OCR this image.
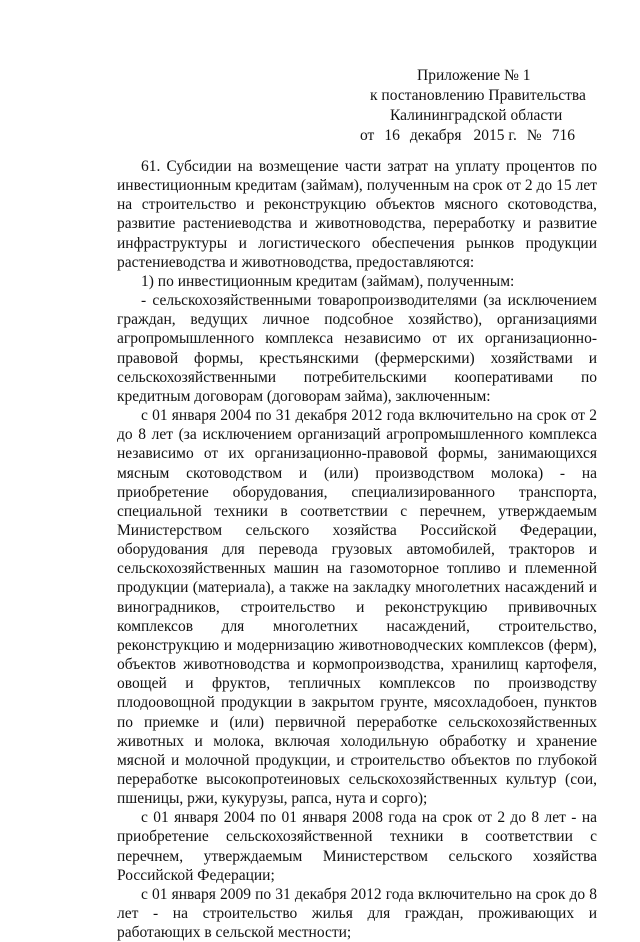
Приложение № 1
к постановлению Правительства
Калининградской области
от 16 декабря 2015 г. № 716

61. Субсидии на возмещение части затрат на уплату процентов по инвестиционным кредитам (займам), полученным на срок от 2 до 15 лет на строительство и реконструкцию объектов мясного скотоводства, развитие растениеводства и животноводства, переработку и развитие инфраструктуры и логистического обеспечения рынков продукции растениеводства и животноводства, предоставляются:

1) по инвестиционным кредитам (займам), полученным:

- сельскохозяйственными товаропроизводителями (за исключением граждан, ведущих личное подсобное хозяйство), организациями агропромышленного комплекса независимо от их организационно-правовой формы, крестьянскими (фермерскими) хозяйствами и сельскохозяйственными потребительскими кооперативами по кредитным договорам (договорам займа), заключенным:

с 01 января 2004 по 31 декабря 2012 года включительно на срок от 2 до 8 лет (за исключением организаций агропромышленного комплекса независимо от их организационно-правовой формы, занимающихся мясным скотоводством и (или) производством молока) - на приобретение оборудования, специализированного транспорта, специальной техники в соответствии с перечнем, утверждаемым Министерством сельского хозяйства Российской Федерации, оборудования для перевода грузовых автомобилей, тракторов и сельскохозяйственных машин на газомоторное топливо и племенной продукции (материала), а также на закладку многолетних насаждений и виноградников, строительство и реконструкцию прививочных комплексов для многолетних насаждений, строительство, реконструкцию и модернизацию животноводческих комплексов (ферм), объектов животноводства и кормопроизводства, хранилищ картофеля, овощей и фруктов, тепличных комплексов по производству плодоовощной продукции в закрытом грунте, мясохладобоен, пунктов по приемке и (или) первичной переработке сельскохозяйственных животных и молока, включая холодильную обработку и хранение мясной и молочной продукции, и строительство объектов по глубокой переработке высокопротеиновых сельскохозяйственных культур (сои, пшеницы, ржи, кукурузы, рапса, нута и сорго);

с 01 января 2004 по 01 января 2008 года на срок от 2 до 8 лет - на приобретение сельскохозяйственной техники в соответствии с перечнем, утверждаемым Министерством сельского хозяйства Российской Федерации;

с 01 января 2009 по 31 декабря 2012 года включительно на срок до 8 лет - на строительство жилья для граждан, проживающих и работающих в сельской местности;
